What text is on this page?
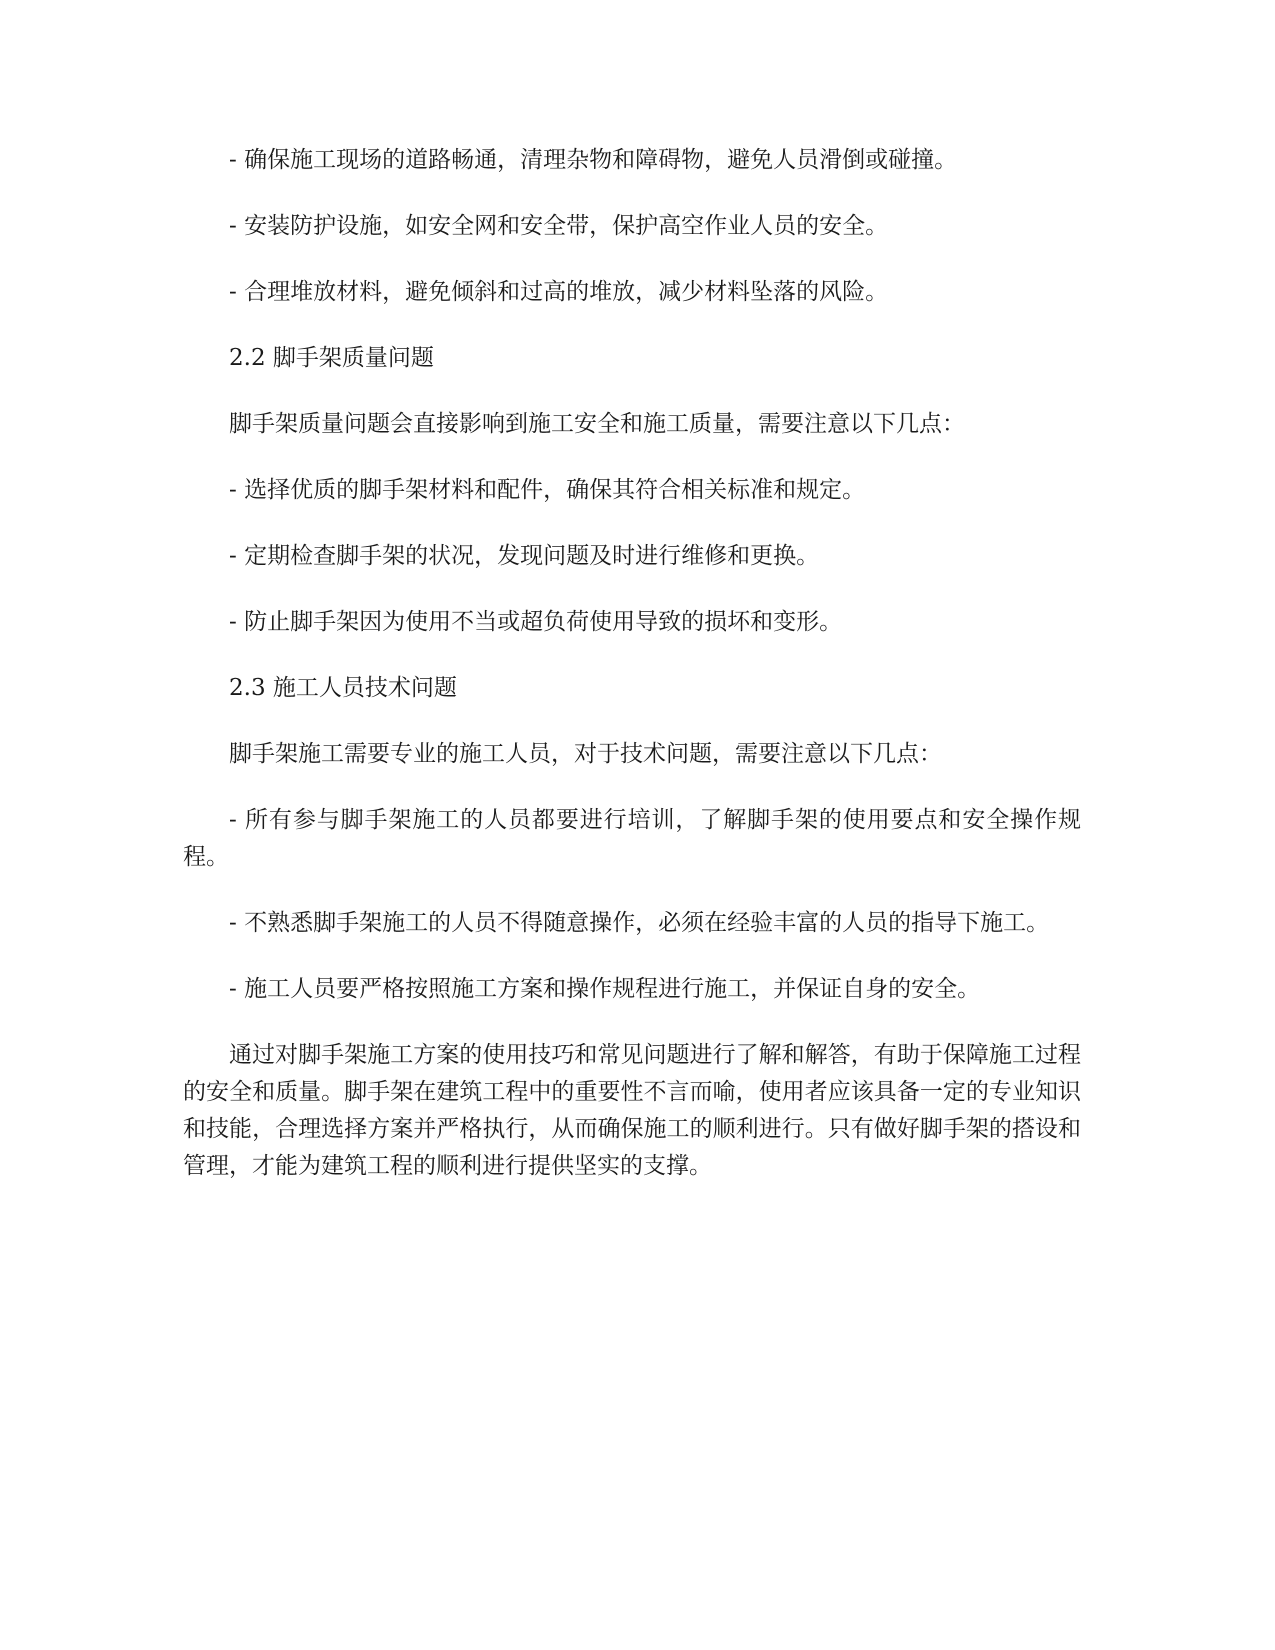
- 确保施工现场的道路畅通，清理杂物和障碍物，避免人员滑倒或碰撞。

- 安装防护设施，如安全网和安全带，保护高空作业人员的安全。

- 合理堆放材料，避免倾斜和过高的堆放，减少材料坠落的风险。

2.2 脚手架质量问题

脚手架质量问题会直接影响到施工安全和施工质量，需要注意以下几点：

- 选择优质的脚手架材料和配件，确保其符合相关标准和规定。

- 定期检查脚手架的状况，发现问题及时进行维修和更换。

- 防止脚手架因为使用不当或超负荷使用导致的损坏和变形。

2.3 施工人员技术问题

脚手架施工需要专业的施工人员，对于技术问题，需要注意以下几点：

- 所有参与脚手架施工的人员都要进行培训，了解脚手架的使用要点和安全操作规程。

- 不熟悉脚手架施工的人员不得随意操作，必须在经验丰富的人员的指导下施工。

- 施工人员要严格按照施工方案和操作规程进行施工，并保证自身的安全。

通过对脚手架施工方案的使用技巧和常见问题进行了解和解答，有助于保障施工过程的安全和质量。脚手架在建筑工程中的重要性不言而喻，使用者应该具备一定的专业知识和技能，合理选择方案并严格执行，从而确保施工的顺利进行。只有做好脚手架的搭设和管理，才能为建筑工程的顺利进行提供坚实的支撑。
